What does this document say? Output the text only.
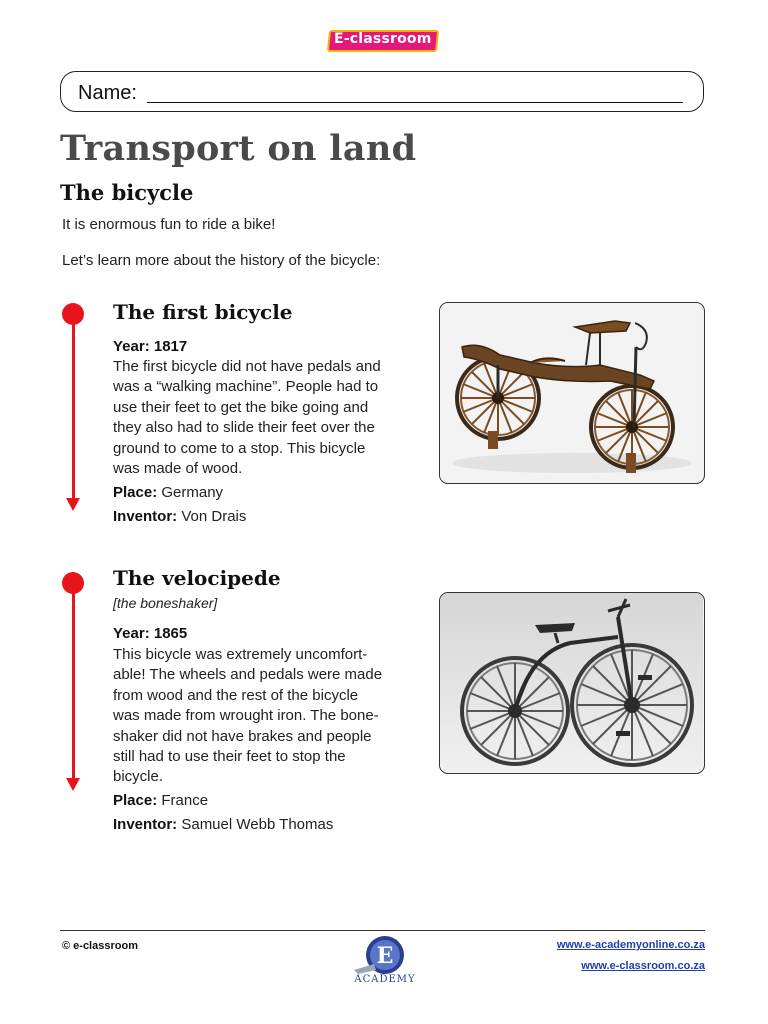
E-classroom
Name:
Transport on land
The bicycle
It is enormous fun to ride a bike!
Let’s learn more about the history of the bicycle:
The first bicycle
Year: 1817
The first bicycle did not have pedals and
was a “walking machine”. People had to
use their feet to get the bike going and
they also had to slide their feet over the
ground to come to a stop. This bicycle
was made of wood.
Place: Germany
Inventor: Von Drais
The velocipede
[the boneshaker]
Year: 1865
This bicycle was extremely uncomfort-
able! The wheels and pedals were made
from wood and the rest of the bicycle
was made from wrought iron. The bone-
shaker did not have brakes and people
still had to use their feet to stop the
bicycle.
Place: France
Inventor: Samuel Webb Thomas
© e-classroom	E
ACADEMY
www.e-academyonline.co.za
www.e-classroom.co.za
